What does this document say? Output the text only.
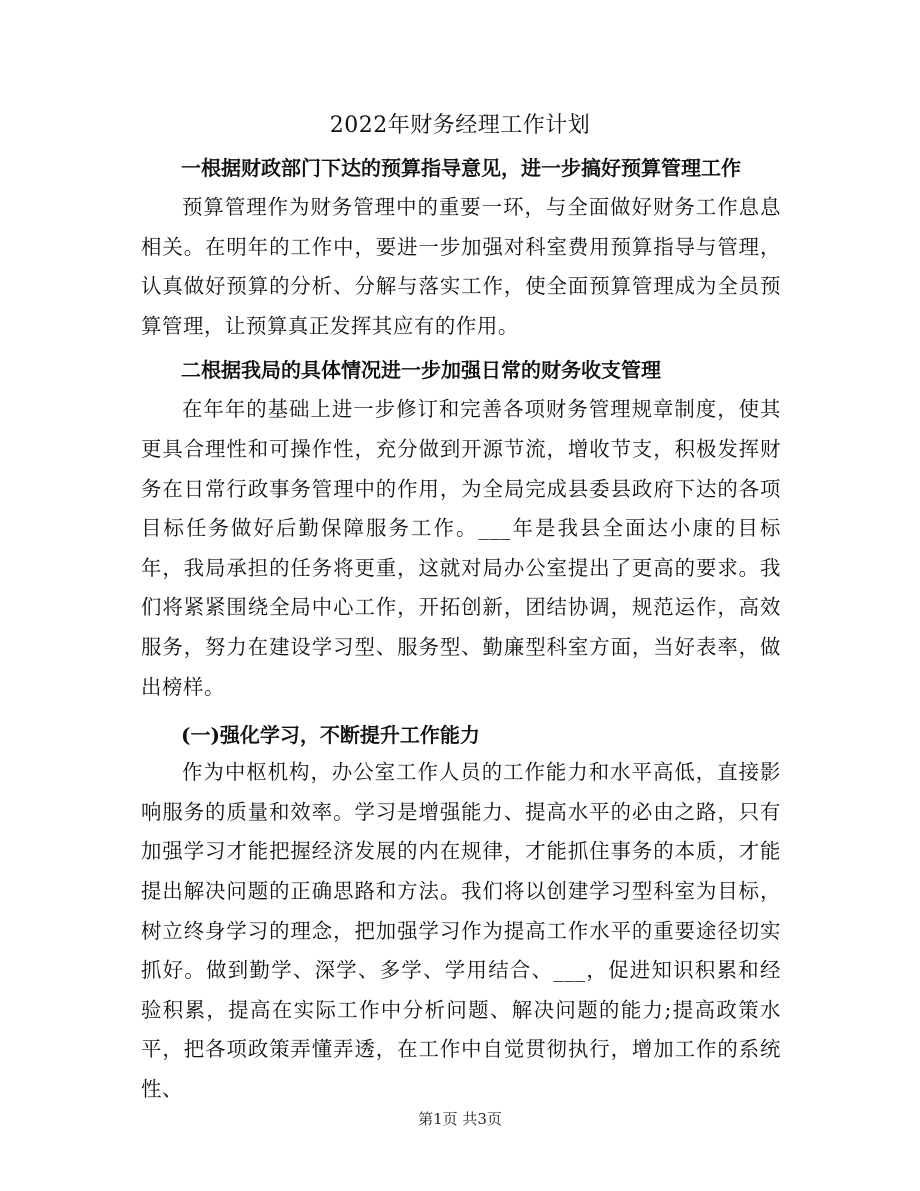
2022年财务经理工作计划

一根据财政部门下达的预算指导意见，进一步搞好预算管理工作

预算管理作为财务管理中的重要一环，与全面做好财务工作息息相关。在明年的工作中，要进一步加强对科室费用预算指导与管理，认真做好预算的分析、分解与落实工作，使全面预算管理成为全员预算管理，让预算真正发挥其应有的作用。

二根据我局的具体情况进一步加强日常的财务收支管理

在年年的基础上进一步修订和完善各项财务管理规章制度，使其更具合理性和可操作性，充分做到开源节流，增收节支，积极发挥财务在日常行政事务管理中的作用，为全局完成县委县政府下达的各项目标任务做好后勤保障服务工作。___年是我县全面达小康的目标年，我局承担的任务将更重，这就对局办公室提出了更高的要求。我们将紧紧围绕全局中心工作，开拓创新，团结协调，规范运作，高效服务，努力在建设学习型、服务型、勤廉型科室方面，当好表率，做出榜样。

(一)强化学习，不断提升工作能力

作为中枢机构，办公室工作人员的工作能力和水平高低，直接影响服务的质量和效率。学习是增强能力、提高水平的必由之路，只有加强学习才能把握经济发展的内在规律，才能抓住事务的本质，才能提出解决问题的正确思路和方法。我们将以创建学习型科室为目标，树立终身学习的理念，把加强学习作为提高工作水平的重要途径切实抓好。做到勤学、深学、多学、学用结合、___，促进知识积累和经验积累，提高在实际工作中分析问题、解决问题的能力;提高政策水平，把各项政策弄懂弄透，在工作中自觉贯彻执行，增加工作的系统性、

第1页 共3页
